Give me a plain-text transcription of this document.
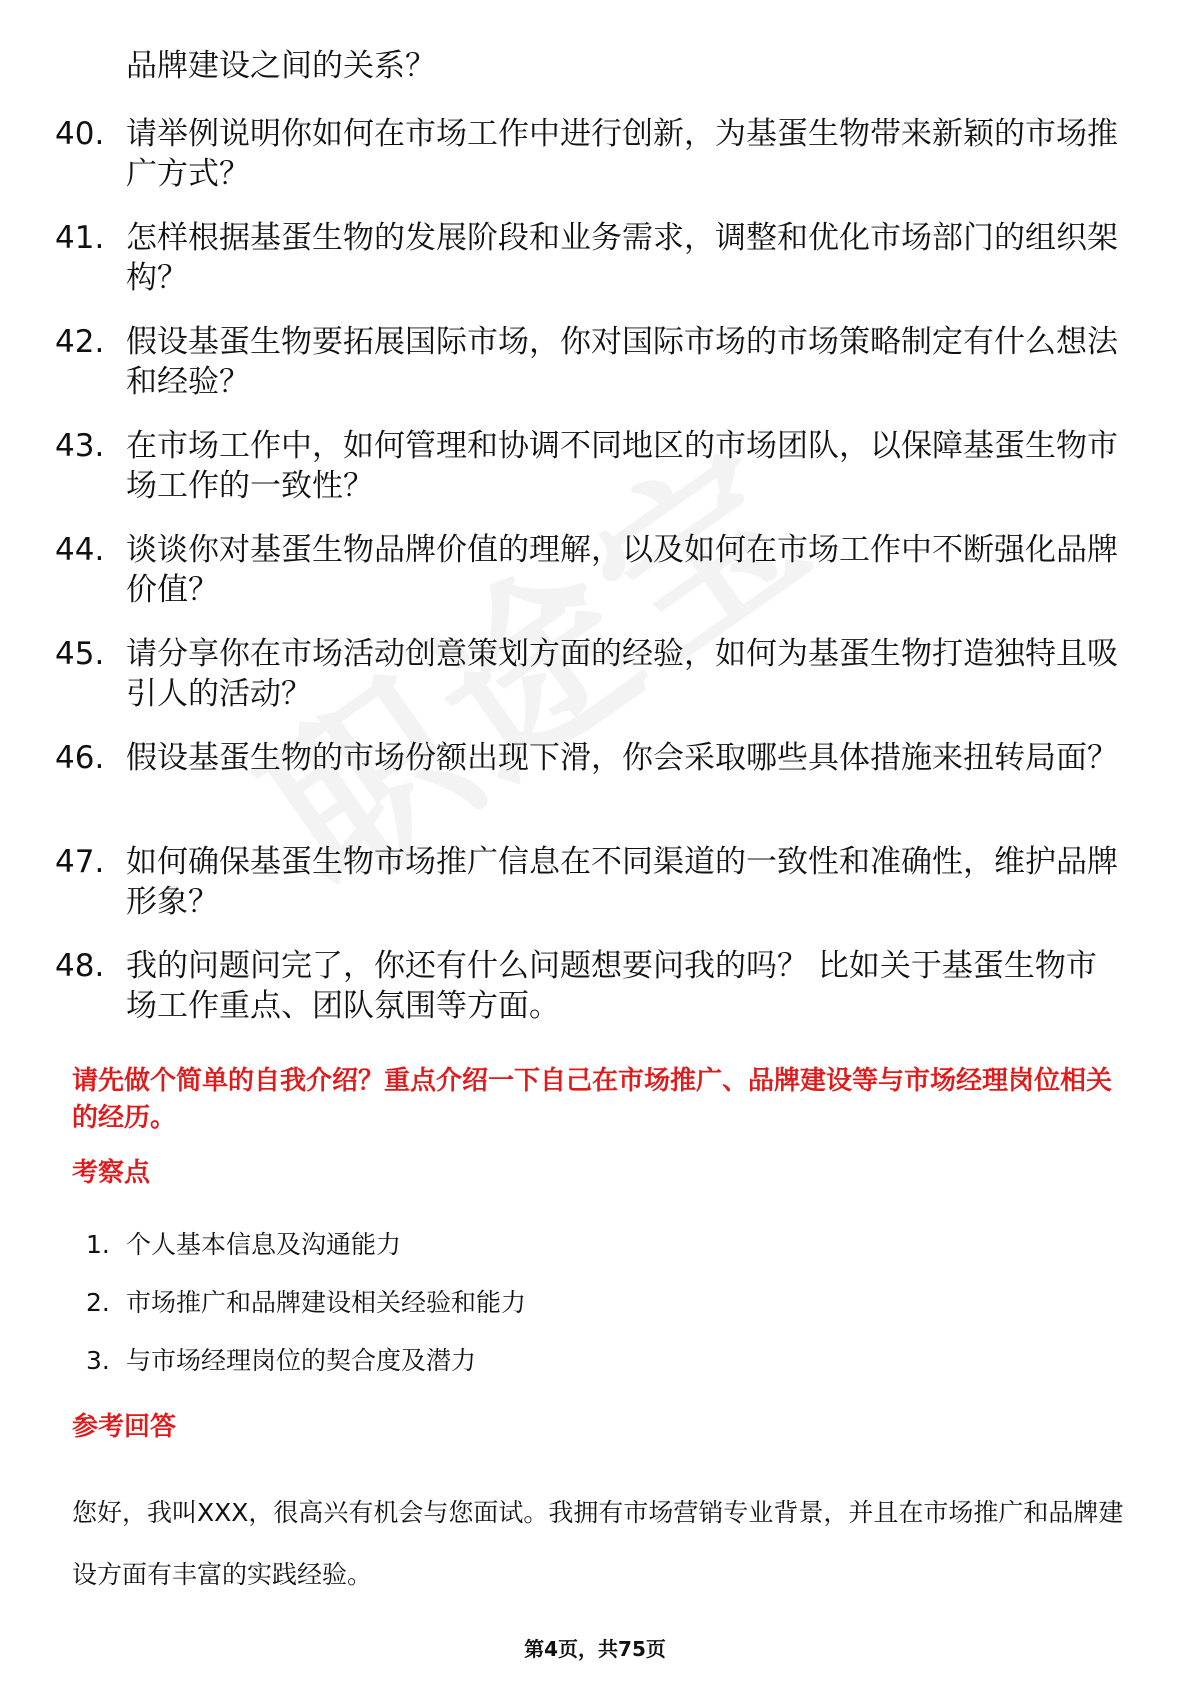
品牌建设之间的关系？
40. 请举例说明你如何在市场工作中进行创新，为基蛋生物带来新颖的市场推广方式？
41. 怎样根据基蛋生物的发展阶段和业务需求，调整和优化市场部门的组织架构？
42. 假设基蛋生物要拓展国际市场，你对国际市场的市场策略制定有什么想法和经验？
43. 在市场工作中，如何管理和协调不同地区的市场团队，以保障基蛋生物市场工作的一致性？
44. 谈谈你对基蛋生物品牌价值的理解，以及如何在市场工作中不断强化品牌价值？
45. 请分享你在市场活动创意策划方面的经验，如何为基蛋生物打造独特且吸引人的活动？
46. 假设基蛋生物的市场份额出现下滑，你会采取哪些具体措施来扭转局面？
47. 如何确保基蛋生物市场推广信息在不同渠道的一致性和准确性，维护品牌形象？
48. 我的问题问完了，你还有什么问题想要问我的吗？ 比如关于基蛋生物市场工作重点、团队氛围等方面。
请先做个简单的自我介绍？重点介绍一下自己在市场推广、品牌建设等与市场经理岗位相关的经历。
考察点
1. 个人基本信息及沟通能力
2. 市场推广和品牌建设相关经验和能力
3. 与市场经理岗位的契合度及潜力
参考回答
您好，我叫XXX，很高兴有机会与您面试。我拥有市场营销专业背景，并且在市场推广和品牌建设方面有丰富的实践经验。
第4页，共75页
